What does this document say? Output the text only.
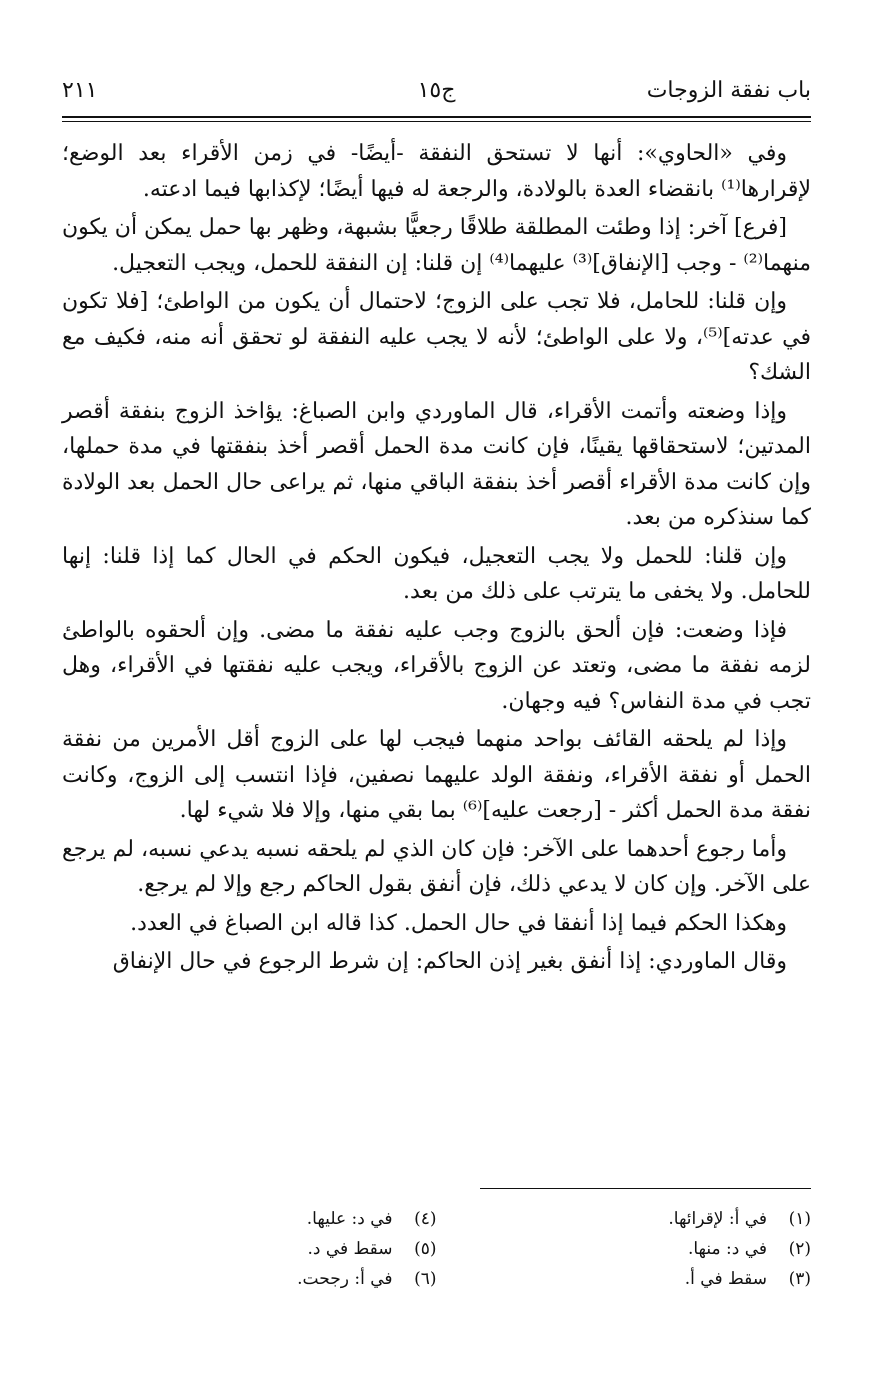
باب نفقة الزوجات
ج١٥
٢١١

وفي «الحاوي»: أنها لا تستحق النفقة -أيضًا- في زمن الأقراء بعد الوضع؛ لإقرارها⁽¹⁾ بانقضاء العدة بالولادة، والرجعة له فيها أيضًا؛ لإكذابها فيما ادعته.

[فرع] آخر: إذا وطئت المطلقة طلاقًا رجعيًّا بشبهة، وظهر بها حمل يمكن أن يكون منهما⁽²⁾ - وجب [الإنفاق]⁽³⁾ عليهما⁽⁴⁾ إن قلنا: إن النفقة للحمل، ويجب التعجيل.

وإن قلنا: للحامل، فلا تجب على الزوج؛ لاحتمال أن يكون من الواطئ؛ [فلا تكون في عدته]⁽⁵⁾، ولا على الواطئ؛ لأنه لا يجب عليه النفقة لو تحقق أنه منه، فكيف مع الشك؟

وإذا وضعته وأتمت الأقراء، قال الماوردي وابن الصباغ: يؤاخذ الزوج بنفقة أقصر المدتين؛ لاستحقاقها يقينًا، فإن كانت مدة الحمل أقصر أخذ بنفقتها في مدة حملها، وإن كانت مدة الأقراء أقصر أخذ بنفقة الباقي منها، ثم يراعى حال الحمل بعد الولادة كما سنذكره من بعد.

وإن قلنا: للحمل ولا يجب التعجيل، فيكون الحكم في الحال كما إذا قلنا: إنها للحامل. ولا يخفى ما يترتب على ذلك من بعد.

فإذا وضعت: فإن ألحق بالزوج وجب عليه نفقة ما مضى. وإن ألحقوه بالواطئ لزمه نفقة ما مضى، وتعتد عن الزوج بالأقراء، ويجب عليه نفقتها في الأقراء، وهل تجب في مدة النفاس؟ فيه وجهان.

وإذا لم يلحقه القائف بواحد منهما فيجب لها على الزوج أقل الأمرين من نفقة الحمل أو نفقة الأقراء، ونفقة الولد عليهما نصفين، فإذا انتسب إلى الزوج، وكانت نفقة مدة الحمل أكثر - [رجعت عليه]⁽⁶⁾ بما بقي منها، وإلا فلا شيء لها.

وأما رجوع أحدهما على الآخر: فإن كان الذي لم يلحقه نسبه يدعي نسبه، لم يرجع على الآخر. وإن كان لا يدعي ذلك، فإن أنفق بقول الحاكم رجع وإلا لم يرجع.

وهكذا الحكم فيما إذا أنفقا في حال الحمل. كذا قاله ابن الصباغ في العدد.

وقال الماوردي: إذا أنفق بغير إذن الحاكم: إن شرط الرجوع في حال الإنفاق

(١)
في أ: لإقرائها.
(٤)
في د: عليها.
(٢)
في د: منها.
(٥)
سقط في د.
(٣)
سقط في أ.
(٦)
في أ: رجحت.
